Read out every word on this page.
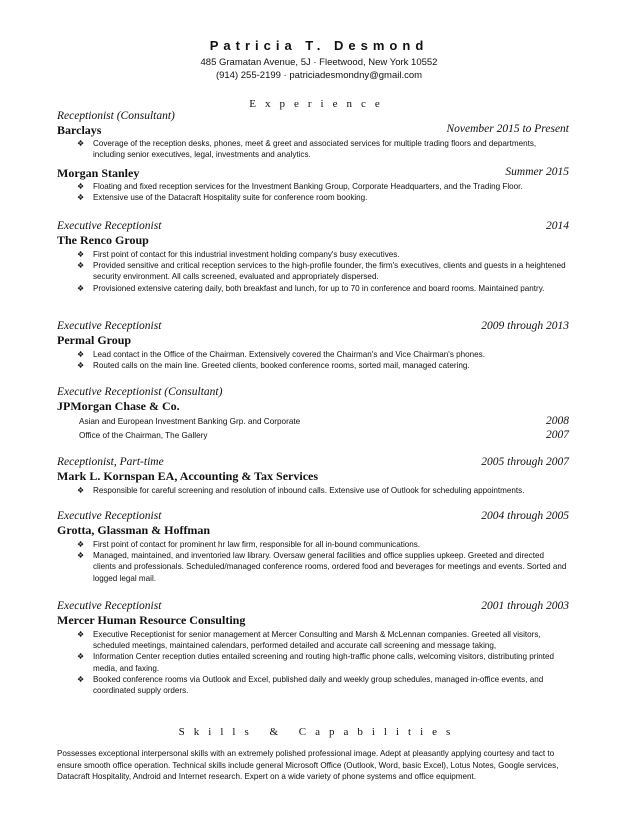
Patricia T. Desmond
485 Gramatan Avenue, 5J · Fleetwood, New York 10552
(914) 255-2199 · patriciadesmondny@gmail.com
Experience
Receptionist (Consultant)
Barclays	November 2015 to Present
❖ Coverage of the reception desks, phones, meet & greet and associated services for multiple trading floors and departments, including senior executives, legal, investments and analytics.
Morgan Stanley	Summer 2015
❖ Floating and fixed reception services for the Investment Banking Group, Corporate Headquarters, and the Trading Floor.
❖ Extensive use of the Datacraft Hospitality suite for conference room booking.
Executive Receptionist	2014
The Renco Group
❖ First point of contact for this industrial investment holding company's busy executives.
❖ Provided sensitive and critical reception services to the high-profile founder, the firm's executives, clients and guests in a heightened security environment. All calls screened, evaluated and appropriately dispersed.
❖ Provisioned extensive catering daily, both breakfast and lunch, for up to 70 in conference and board rooms. Maintained pantry.
Executive Receptionist	2009 through 2013
Permal Group
❖ Lead contact in the Office of the Chairman. Extensively covered the Chairman's and Vice Chairman's phones.
❖ Routed calls on the main line. Greeted clients, booked conference rooms, sorted mail, managed catering.
Executive Receptionist (Consultant)
JPMorgan Chase & Co.
Asian and European Investment Banking Grp. and Corporate	2008
Office of the Chairman, The Gallery	2007
Receptionist, Part-time	2005 through 2007
Mark L. Kornspan EA, Accounting & Tax Services
❖ Responsible for careful screening and resolution of inbound calls. Extensive use of Outlook for scheduling appointments.
Executive Receptionist	2004 through 2005
Grotta, Glassman & Hoffman
❖ First point of contact for prominent hr law firm, responsible for all in-bound communications.
❖ Managed, maintained, and inventoried law library. Oversaw general facilities and office supplies upkeep. Greeted and directed clients and professionals. Scheduled/managed conference rooms, ordered food and beverages for meetings and events. Sorted and logged legal mail.
Executive Receptionist	2001 through 2003
Mercer Human Resource Consulting
❖ Executive Receptionist for senior management at Mercer Consulting and Marsh & McLennan companies. Greeted all visitors, scheduled meetings, maintained calendars, performed detailed and accurate call screening and message taking,
❖ Information Center reception duties entailed screening and routing high-traffic phone calls, welcoming visitors, distributing printed media, and faxing.
❖ Booked conference rooms via Outlook and Excel, published daily and weekly group schedules, managed in-office events, and coordinated supply orders.
Skills & Capabilities
Possesses exceptional interpersonal skills with an extremely polished professional image. Adept at pleasantly applying courtesy and tact to ensure smooth office operation. Technical skills include general Microsoft Office (Outlook, Word, basic Excel), Lotus Notes, Google services, Datacraft Hospitality, Android and Internet research. Expert on a wide variety of phone systems and office equipment.
